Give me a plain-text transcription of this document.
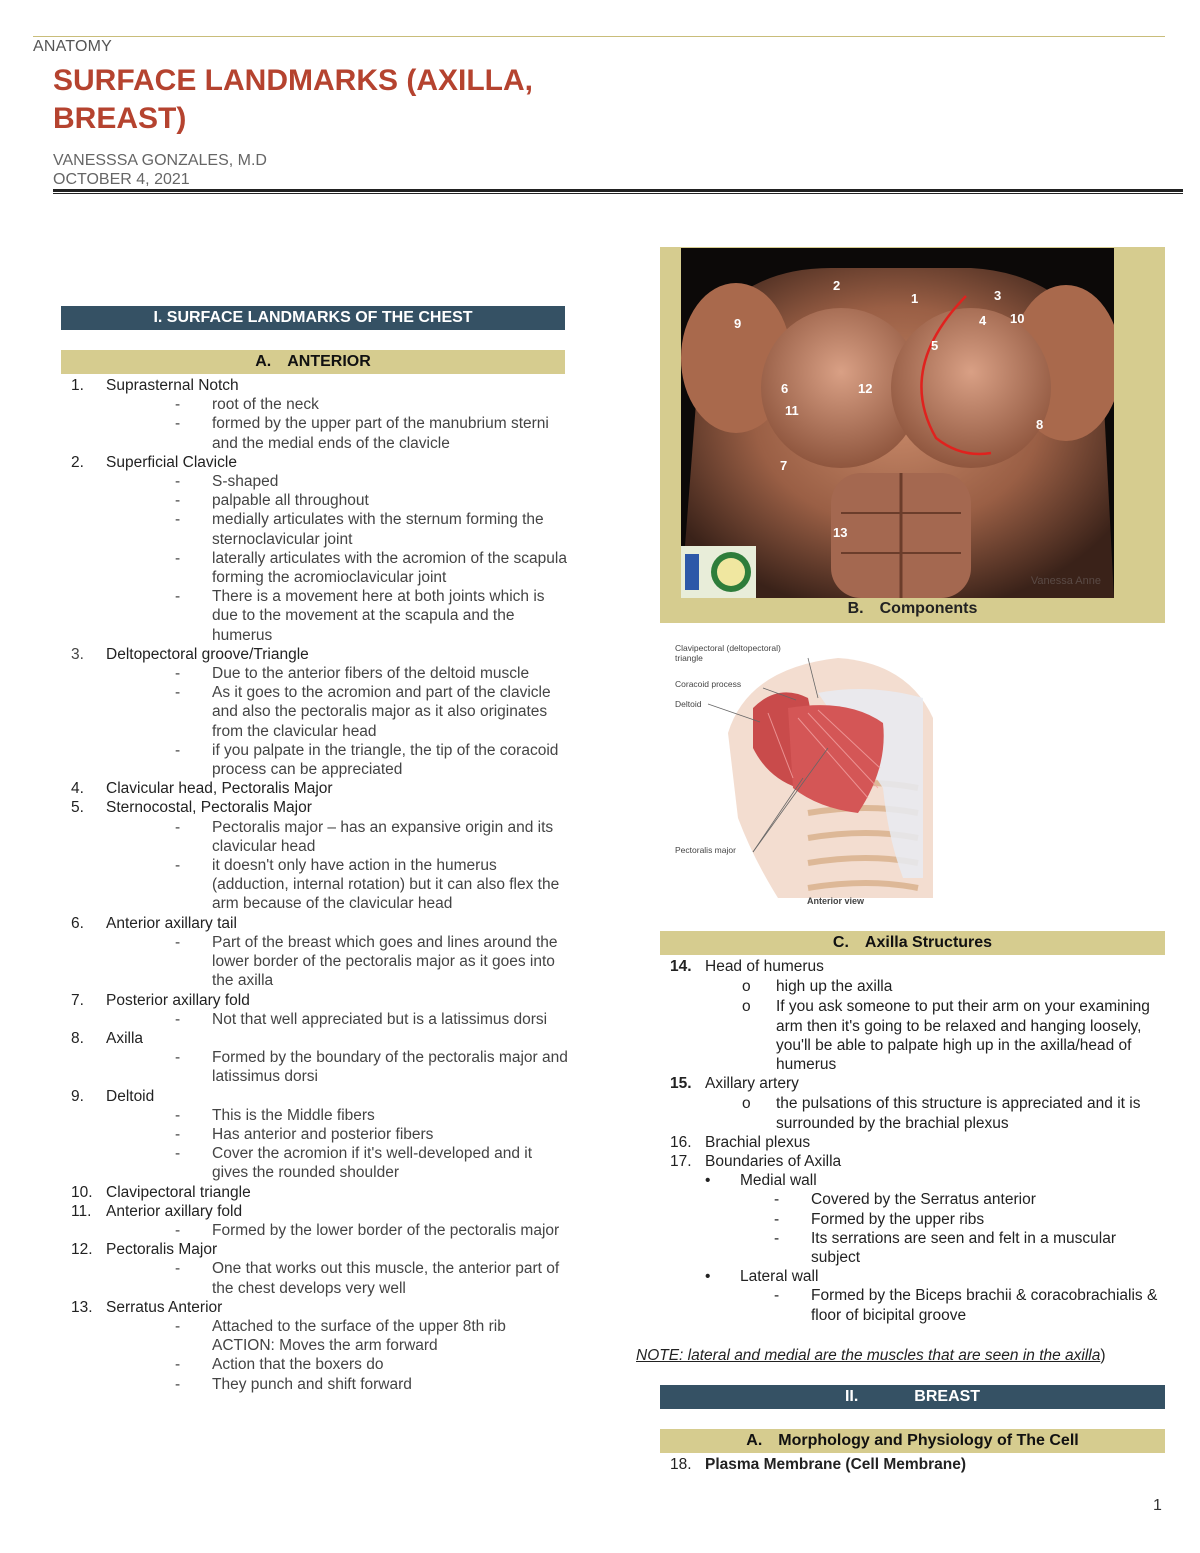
ANATOMY
SURFACE LANDMARKS (AXILLA, BREAST)
VANESSSA GONZALES, M.D
OCTOBER 4, 2021
I. SURFACE LANDMARKS OF THE CHEST
A. ANTERIOR
1. Suprasternal Notch
- root of the neck
- formed by the upper part of the manubrium sterni and the medial ends of the clavicle
2. Superficial Clavicle
- S-shaped
- palpable all throughout
- medially articulates with the sternum forming the sternoclavicular joint
- laterally articulates with the acromion of the scapula forming the acromioclavicular joint
- There is a movement here at both joints which is due to the movement at the scapula and the humerus
3. Deltopectoral groove/Triangle
- Due to the anterior fibers of the deltoid muscle
- As it goes to the acromion and part of the clavicle and also the pectoralis major as it also originates from the clavicular head
- if you palpate in the triangle, the tip of the coracoid process can be appreciated
4. Clavicular head, Pectoralis Major
5. Sternocostal, Pectoralis Major
- Pectoralis major – has an expansive origin and its clavicular head
- it doesn't only have action in the humerus (adduction, internal rotation) but it can also flex the arm because of the clavicular head
6. Anterior axillary tail
- Part of the breast which goes and lines around the lower border of the pectoralis major as it goes into the axilla
7. Posterior axillary fold
- Not that well appreciated but is a latissimus dorsi
8. Axilla
- Formed by the boundary of the pectoralis major and latissimus dorsi
9. Deltoid
- This is the Middle fibers
- Has anterior and posterior fibers
- Cover the acromion if it's well-developed and it gives the rounded shoulder
10. Clavipectoral triangle
11. Anterior axillary fold
- Formed by the lower border of the pectoralis major
12. Pectoralis Major
- One that works out this muscle, the anterior part of the chest develops very well
13. Serratus Anterior
- Attached to the surface of the upper 8th rib ACTION: Moves the arm forward
- Action that the boxers do
- They punch and shift forward
Vanessa Anne
1
2
3
4
5
6
7
8
9	10
11
12
13
B. Components
Clavipectoral (deltopectoral) triangle
Coracoid process
Deltoid
Pectoralis major
Anterior view
C. Axilla Structures
14. Head of humerus
o high up the axilla
o If you ask someone to put their arm on your examining arm then it's going to be relaxed and hanging loosely, you'll be able to palpate high up in the axilla/head of humerus
15. Axillary artery
o the pulsations of this structure is appreciated and it is surrounded by the brachial plexus
16. Brachial plexus
17. Boundaries of Axilla
• Medial wall
- Covered by the Serratus anterior
- Formed by the upper ribs
- Its serrations are seen and felt in a muscular subject
• Lateral wall
- Formed by the Biceps brachii & coracobrachialis & floor of bicipital groove
NOTE: lateral and medial are the muscles that are seen in the axilla)
II.	BREAST
A. Morphology and Physiology of The Cell
18. Plasma Membrane (Cell Membrane)
1
